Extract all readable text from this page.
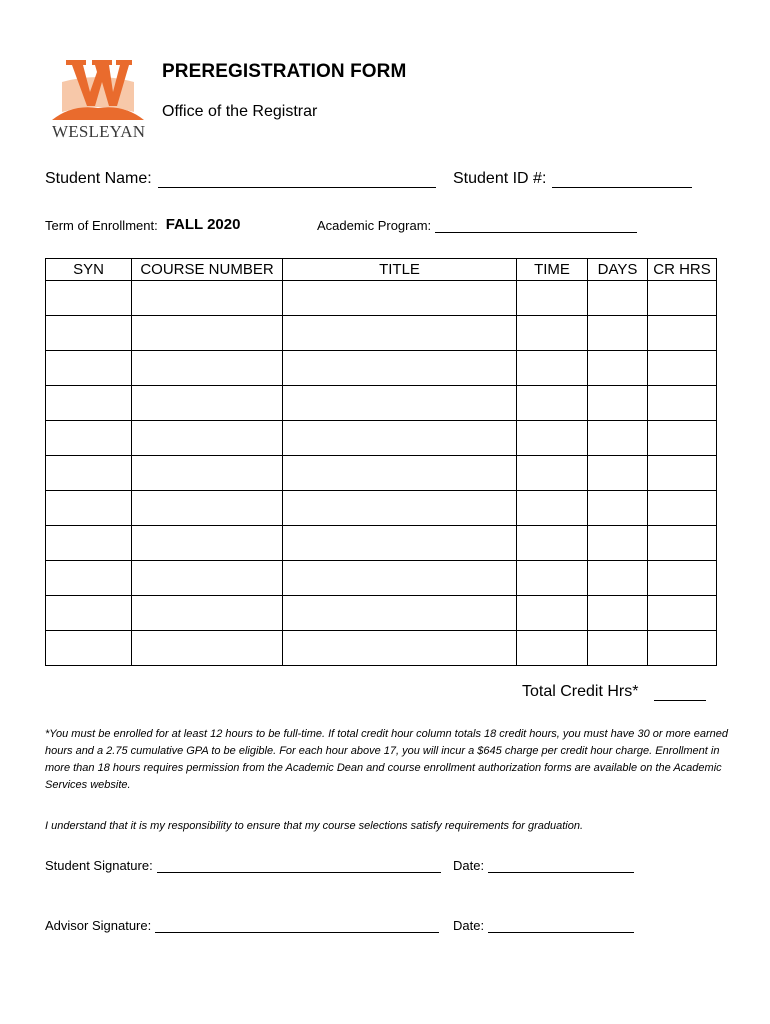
WESLEYAN
PREREGISTRATION FORM
Office of the Registrar
Student Name:	Student ID #:
Term of Enrollment: FALL 2020	Academic Program:
SYN	COURSE NUMBER	TITLE	TIME	DAYS	CR HRS

Total Credit Hrs*
*You must be enrolled for at least 12 hours to be full-time. If total credit hour column totals 18 credit hours, you must have 30 or more earned hours and a 2.75 cumulative GPA to be eligible. For each hour above 17, you will incur a $645 charge per credit hour charge. Enrollment in more than 18 hours requires permission from the Academic Dean and course enrollment authorization forms are available on the Academic Services website.
I understand that it is my responsibility to ensure that my course selections satisfy requirements for graduation.
Student Signature:	Date:
Advisor Signature:	Date:
